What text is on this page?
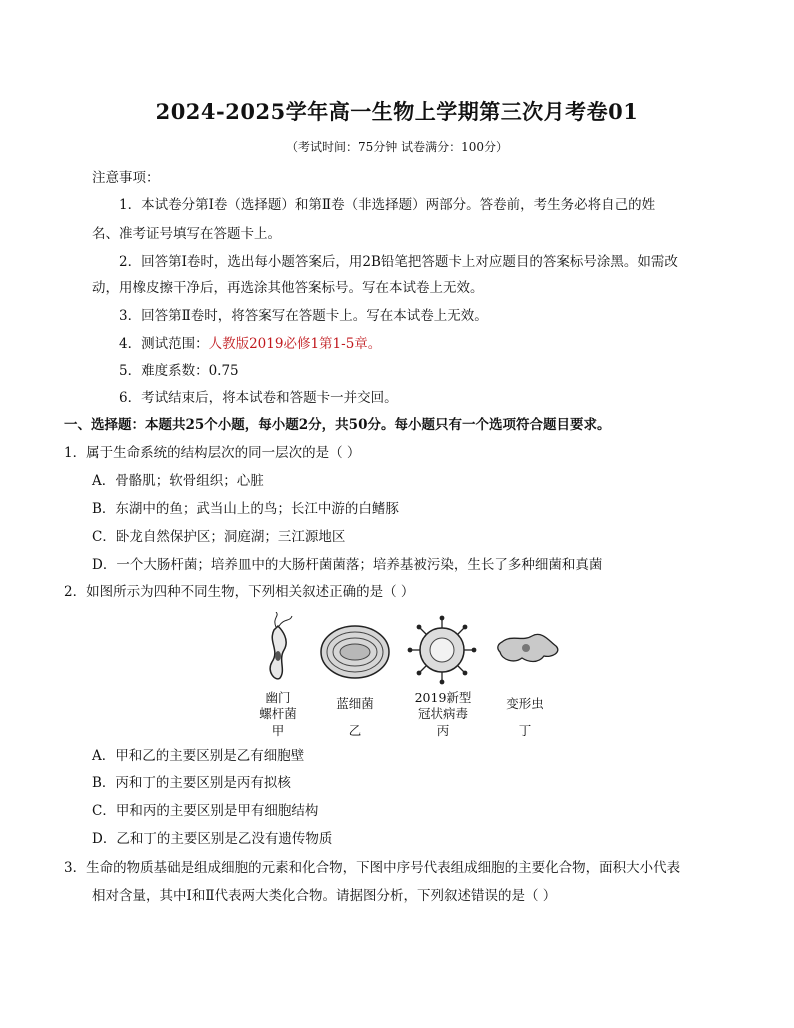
2024-2025学年高一生物上学期第三次月考卷01
（考试时间：75分钟 试卷满分：100分）
注意事项：
1．本试卷分第Ⅰ卷（选择题）和第Ⅱ卷（非选择题）两部分。答卷前，考生务必将自己的姓
名、准考证号填写在答题卡上。
2．回答第Ⅰ卷时，选出每小题答案后，用2B铅笔把答题卡上对应题目的答案标号涂黑。如需改
动，用橡皮擦干净后，再选涂其他答案标号。写在本试卷上无效。
3．回答第Ⅱ卷时，将答案写在答题卡上。写在本试卷上无效。
4．测试范围：人教版2019必修1第1-5章。
5．难度系数：0.75
6．考试结束后，将本试卷和答题卡一并交回。
一、选择题：本题共25个小题，每小题2分，共50分。每小题只有一个选项符合题目要求。
1．属于生命系统的结构层次的同一层次的是（ ）
A．骨骼肌；软骨组织；心脏
B．东湖中的鱼；武当山上的鸟；长江中游的白鳍豚
C．卧龙自然保护区；洞庭湖；三江源地区
D．一个大肠杆菌；培养皿中的大肠杆菌菌落；培养基被污染，生长了多种细菌和真菌
2．如图所示为四种不同生物，下列相关叙述正确的是（ ）
幽门
螺杆菌
蓝细菌	2019新型
冠状病毒
变形虫
甲	乙	丙	丁
A．甲和乙的主要区别是乙有细胞壁
B．丙和丁的主要区别是丙有拟核
C．甲和丙的主要区别是甲有细胞结构
D．乙和丁的主要区别是乙没有遗传物质
3．生命的物质基础是组成细胞的元素和化合物，下图中序号代表组成细胞的主要化合物，面积大小代表
相对含量，其中Ⅰ和Ⅱ代表两大类化合物。请据图分析，下列叙述错误的是（ ）
